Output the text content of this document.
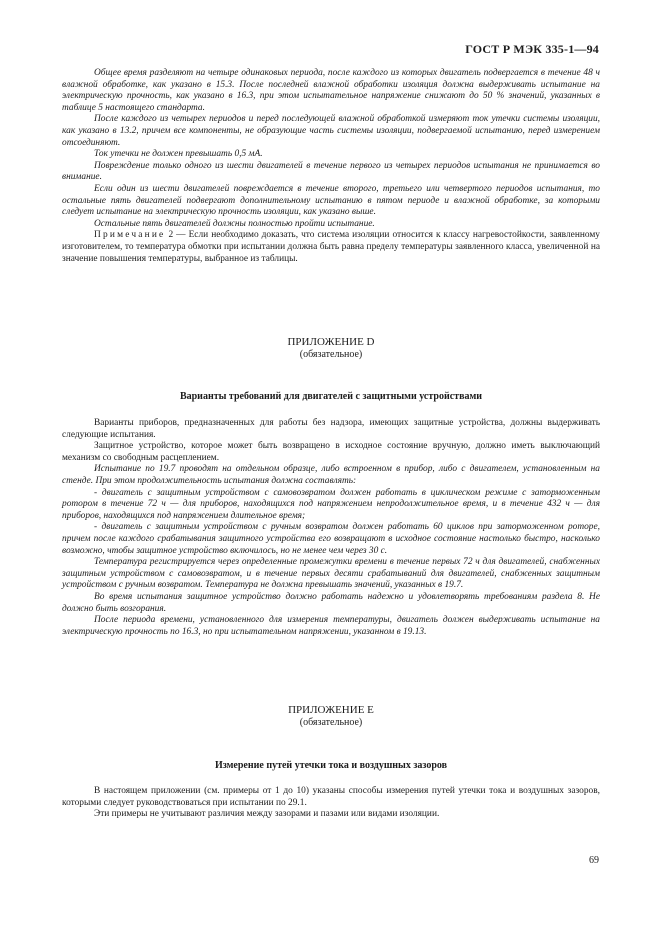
ГОСТ Р МЭК 335-1—94

Общее время разделяют на четыре одинаковых периода, после каждого из которых двигатель подвергается в течение 48 ч влажной обработке, как указано в 15.3. После последней влажной обработки изоляция должна выдерживать испытание на электрическую прочность, как указано в 16.3, при этом испытательное напряжение снижают до 50 % значений, указанных в таблице 5 настоящего стандарта.

После каждого из четырех периодов и перед последующей влажной обработкой измеряют ток утечки системы изоляции, как указано в 13.2, причем все компоненты, не образующие часть системы изоляции, подвергаемой испытанию, перед измерением отсоединяют.

Ток утечки не должен превышать 0,5 мА.

Повреждение только одного из шести двигателей в течение первого из четырех периодов испытания не принимается во внимание.

Если один из шести двигателей повреждается в течение второго, третьего или четвертого периодов испытания, то остальные пять двигателей подвергают дополнительному испытанию в пятом периоде и влажной обработке, за которыми следует испытание на электрическую прочность изоляции, как указано выше.

Остальные пять двигателей должны полностью пройти испытание.

Примечание 2 — Если необходимо доказать, что система изоляции относится к классу нагревостойкости, заявленному изготовителем, то температура обмотки при испытании должна быть равна пределу температуры заявленного класса, увеличенной на значение повышения температуры, выбранное из таблицы.

ПРИЛОЖЕНИЕ D

(обязательное)

Варианты требований для двигателей с защитными устройствами

Варианты приборов, предназначенных для работы без надзора, имеющих защитные устройства, должны выдерживать следующие испытания.

Защитное устройство, которое может быть возвращено в исходное состояние вручную, должно иметь выключающий механизм со свободным расцеплением.

Испытание по 19.7 проводят на отдельном образце, либо встроенном в прибор, либо с двигателем, установленным на стенде. При этом продолжительность испытания должна составлять:

- двигатель с защитным устройством с самовозвратом должен работать в циклическом режиме с заторможенным ротором в течение 72 ч — для приборов, находящихся под напряжением непродолжительное время, и в течение 432 ч — для приборов, находящихся под напряжением длительное время;

- двигатель с защитным устройством с ручным возвратом должен работать 60 циклов при заторможенном роторе, причем после каждого срабатывания защитного устройства его возвращают в исходное состояние настолько быстро, насколько возможно, чтобы защитное устройство включилось, но не менее чем через 30 с.

Температура регистрируется через определенные промежутки времени в течение первых 72 ч для двигателей, снабженных защитным устройством с самовозвратом, и в течение первых десяти срабатываний для двигателей, снабженных защитным устройством с ручным возвратом. Температура не должна превышать значений, указанных в 19.7.

Во время испытания защитное устройство должно работать надежно и удовлетворять требованиям раздела 8. Не должно быть возгорания.

После периода времени, установленного для измерения температуры, двигатель должен выдерживать испытание на электрическую прочность по 16.3, но при испытательном напряжении, указанном в 19.13.

ПРИЛОЖЕНИЕ Е

(обязательное)

Измерение путей утечки тока и воздушных зазоров

В настоящем приложении (см. примеры от 1 до 10) указаны способы измерения путей утечки тока и воздушных зазоров, которыми следует руководствоваться при испытании по 29.1.

Эти примеры не учитывают различия между зазорами и пазами или видами изоляции.

69
